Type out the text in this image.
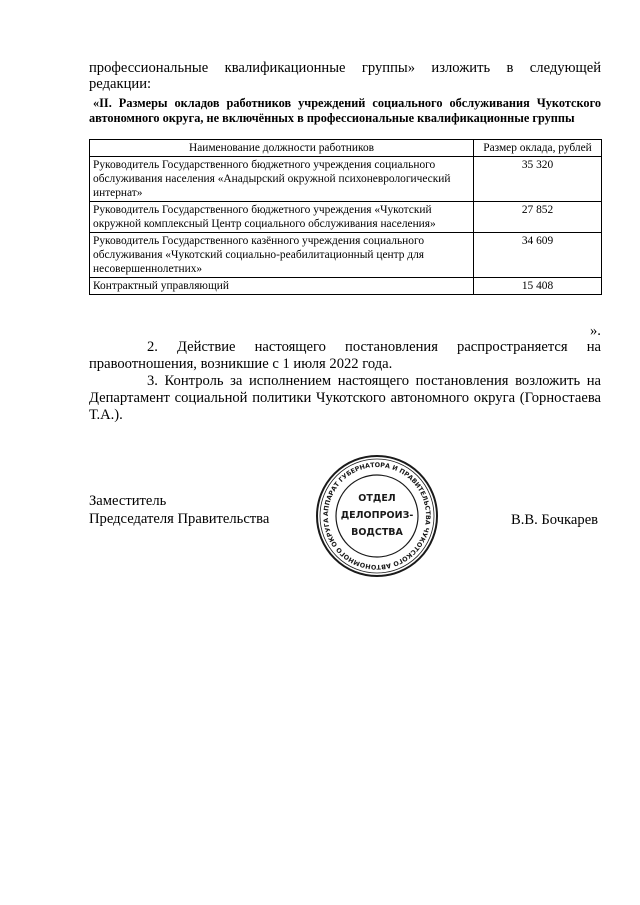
профессиональные квалификационные группы» изложить в следующей
редакции:
«II. Размеры окладов работников учреждений социального обслуживания Чукотского
автономного округа, не включённых в профессиональные квалификационные группы
Наименование должности работников	Размер оклада, рублей
Руководитель Государственного бюджетного учреждения социального обслуживания населения «Анадырский окружной психоневрологический интернат»	35 320
Руководитель Государственного бюджетного учреждения «Чукотский окружной комплексный Центр социального обслуживания населения»	27 852
Руководитель Государственного казённого учреждения социального обслуживания «Чукотский социально-реабилитационный центр для несовершеннолетних»	34 609
Контрактный управляющий	15 408
».
2. Действие настоящего постановления распространяется на правоотношения, возникшие с 1 июля 2022 года.
3. Контроль за исполнением настоящего постановления возложить на Департамент социальной политики Чукотского автономного округа (Горностаева Т.А.).
Заместитель
Председателя Правительства	АППАРАТ ГУБЕРНАТОРА И ПРАВИТЕЛЬСТВА ЧУКОТСКОГО АВТОНОМНОГО ОКРУГА
ОТДЕЛ
ДЕЛОПРОИЗ-
ВОДСТВА
В.В. Бочкарев
